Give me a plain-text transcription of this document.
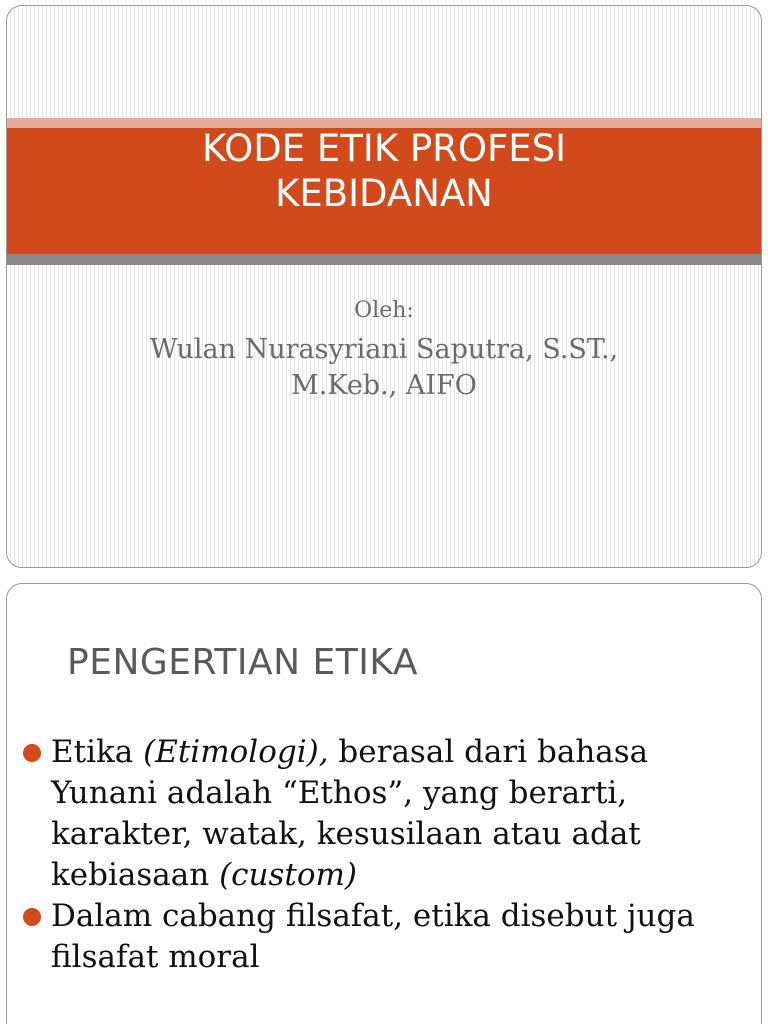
KODE ETIK PROFESI
KEBIDANAN
Oleh:
Wulan Nurasyriani Saputra, S.ST.,
M.Keb., AIFO
PENGERTIAN ETIKA
Etika (Etimologi), berasal dari bahasa Yunani adalah “Ethos”, yang berarti, karakter, watak, kesusilaan atau adat kebiasaan (custom)
Dalam cabang filsafat, etika disebut juga filsafat moral
